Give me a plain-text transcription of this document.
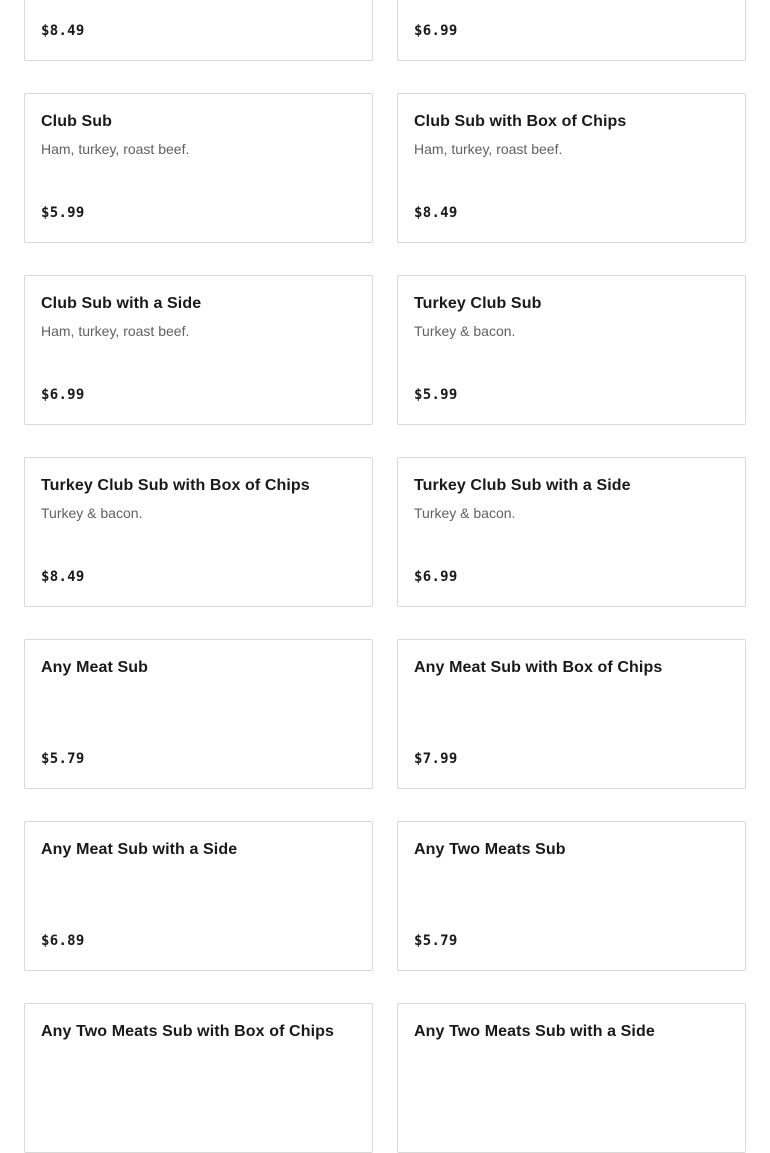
$8.49	$6.99
Club Sub
Ham, turkey, roast beef.
$5.99
Club Sub with Box of Chips
Ham, turkey, roast beef.
$8.49
Club Sub with a Side
Ham, turkey, roast beef.
$6.99
Turkey Club Sub
Turkey & bacon.
$5.99
Turkey Club Sub with Box of Chips
Turkey & bacon.
$8.49
Turkey Club Sub with a Side
Turkey & bacon.
$6.99
Any Meat Sub
$5.79
Any Meat Sub with Box of Chips
$7.99
Any Meat Sub with a Side
$6.89
Any Two Meats Sub
$5.79
Any Two Meats Sub with Box of Chips	Any Two Meats Sub with a Side
